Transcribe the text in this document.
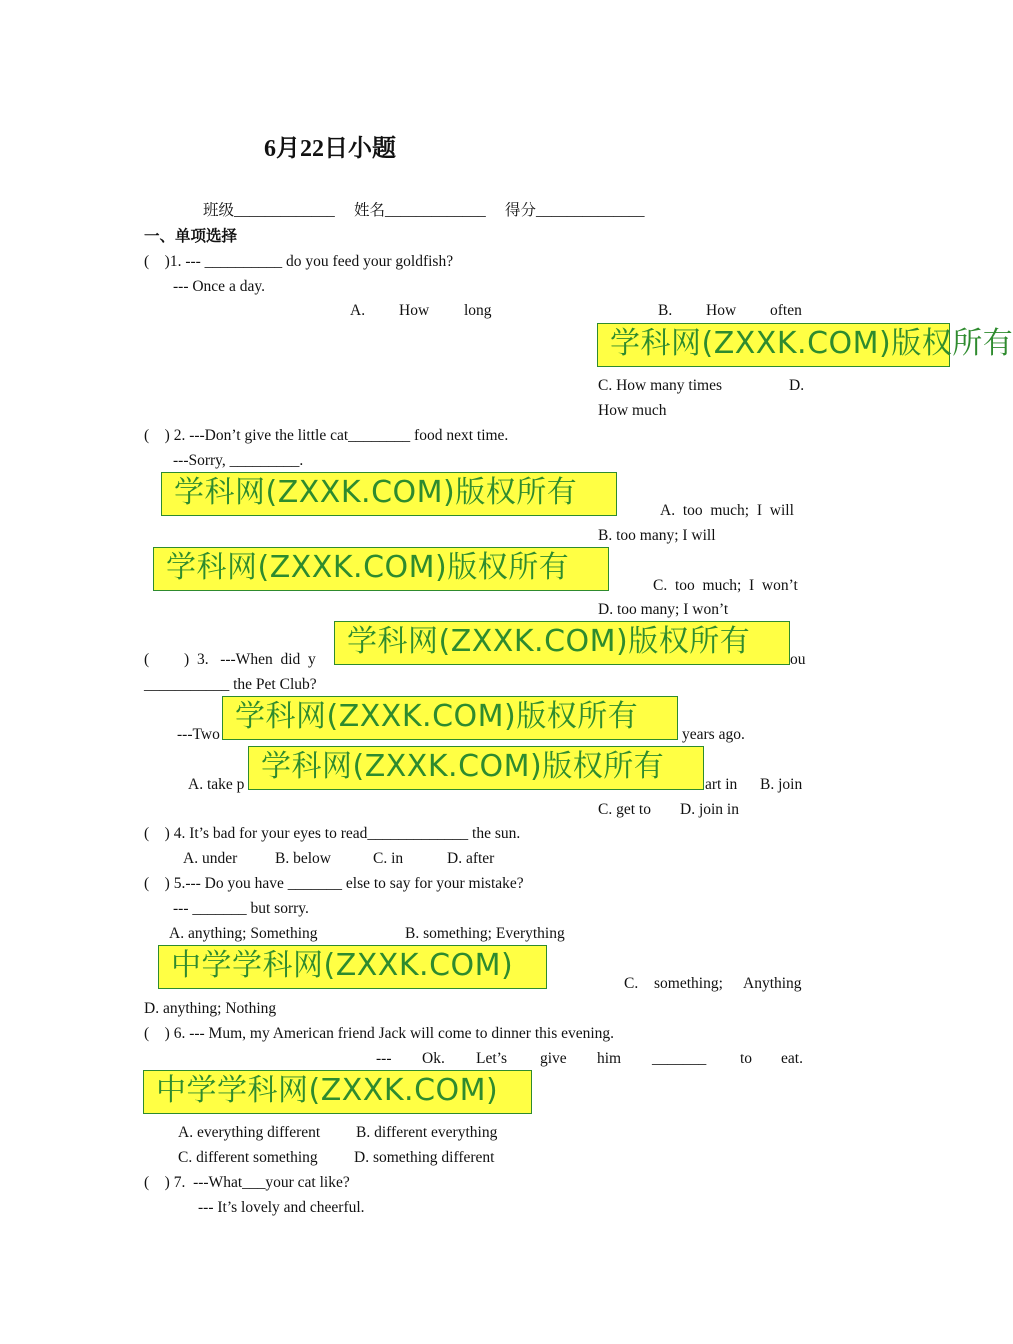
6月22日小题
班级_____________ 姓名_____________ 得分______________
一、单项选择
(    )1. --- __________ do you feed your goldfish?
--- Once a day.
A. How long	B. How often
学科网(ZXXK.COM)版权所有
C. How many times	D.
How much
(    ) 2. ---Don’t give the little cat________ food next time.
---Sorry, _________.
学科网(ZXXK.COM)版权所有
A.  too  much;  I  will
B. too many; I will
学科网(ZXXK.COM)版权所有
C.  too  much;  I  won’t
D. too many; I won’t
(         )  3.   ---When  did  y
学科网(ZXXK.COM)版权所有
ou
___________ the Pet Club?
---Two
学科网(ZXXK.COM)版权所有
years ago.
A. take p
学科网(ZXXK.COM)版权所有
art in B. join
C. get to D. join in
(    ) 4. It’s bad for your eyes to read_____________ the sun.
A. under B. below	C. in	D. after
(    ) 5.--- Do you have _______ else to say for your mistake?
--- _______ but sorry.
A. anything; Something	B. something; Everything
中学学科网(ZXXK.COM)
C. something; Anything
D. anything; Nothing
(    ) 6. --- Mum, my American friend Jack will come to dinner this evening.
--- Ok. Let’s give him _______ to eat.
中学学科网(ZXXK.COM)
A. everything different B. different everything
C. different something D. something different
(    ) 7.  ---What___your cat like?
--- It’s lovely and cheerful.
